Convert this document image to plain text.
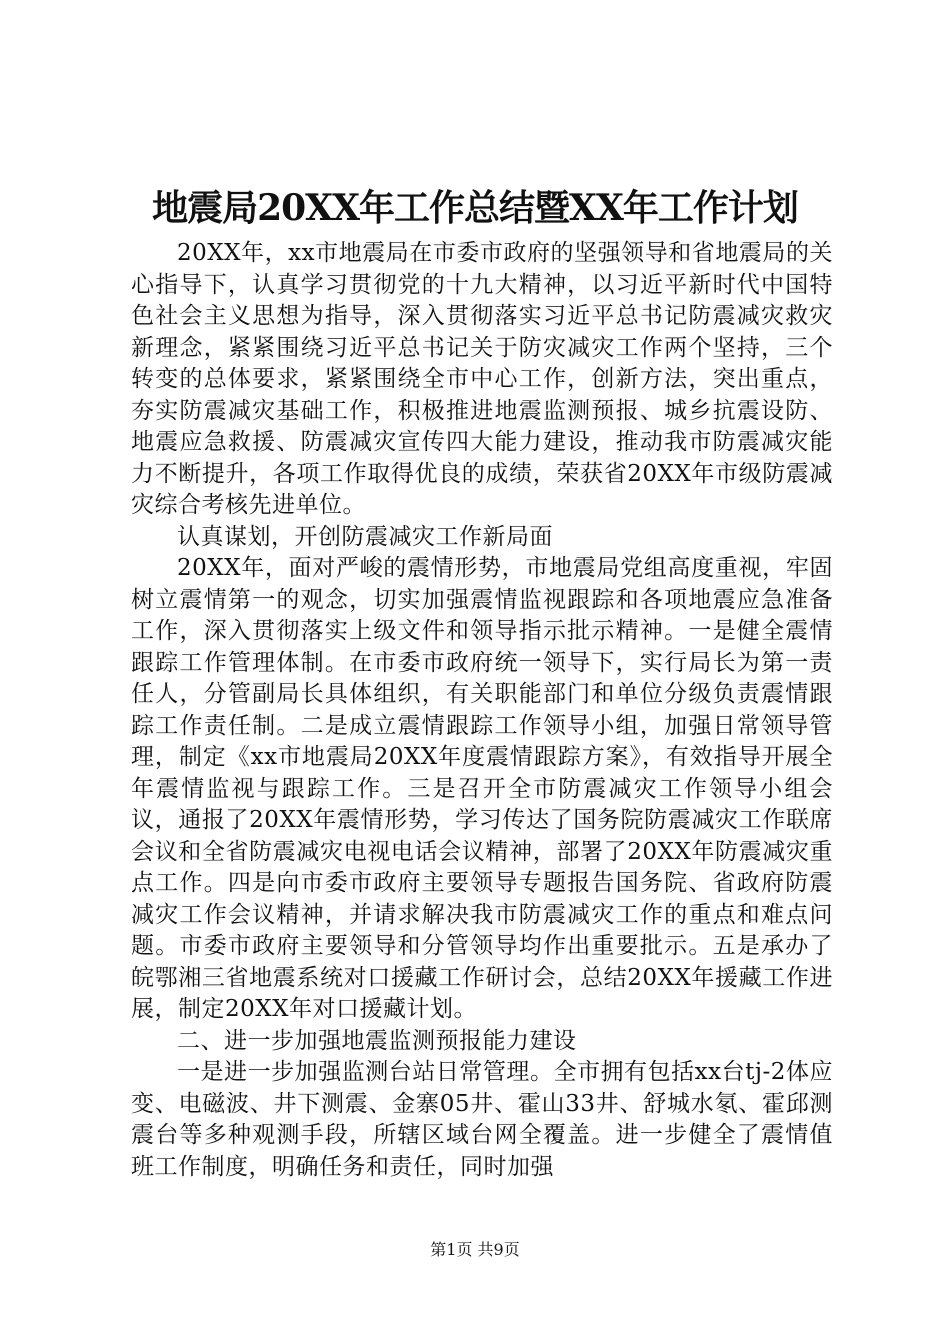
地震局20XX年工作总结暨XX年工作计划

20XX年，xx市地震局在市委市政府的坚强领导和省地震局的关心指导下，认真学习贯彻党的十九大精神，以习近平新时代中国特色社会主义思想为指导，深入贯彻落实习近平总书记防震减灾救灾新理念，紧紧围绕习近平总书记关于防灾减灾工作两个坚持，三个转变的总体要求，紧紧围绕全市中心工作，创新方法，突出重点，夯实防震减灾基础工作，积极推进地震监测预报、城乡抗震设防、地震应急救援、防震减灾宣传四大能力建设，推动我市防震减灾能力不断提升，各项工作取得优良的成绩，荣获省20XX年市级防震减灾综合考核先进单位。

认真谋划，开创防震减灾工作新局面

20XX年，面对严峻的震情形势，市地震局党组高度重视，牢固树立震情第一的观念，切实加强震情监视跟踪和各项地震应急准备工作，深入贯彻落实上级文件和领导指示批示精神。一是健全震情跟踪工作管理体制。在市委市政府统一领导下，实行局长为第一责任人，分管副局长具体组织，有关职能部门和单位分级负责震情跟踪工作责任制。二是成立震情跟踪工作领导小组，加强日常领导管理，制定《xx市地震局20XX年度震情跟踪方案》，有效指导开展全年震情监视与跟踪工作。三是召开全市防震减灾工作领导小组会议，通报了20XX年震情形势，学习传达了国务院防震减灾工作联席会议和全省防震减灾电视电话会议精神，部署了20XX年防震减灾重点工作。四是向市委市政府主要领导专题报告国务院、省政府防震减灾工作会议精神，并请求解决我市防震减灾工作的重点和难点问题。市委市政府主要领导和分管领导均作出重要批示。五是承办了皖鄂湘三省地震系统对口援藏工作研讨会，总结20XX年援藏工作进展，制定20XX年对口援藏计划。

二、进一步加强地震监测预报能力建设

一是进一步加强监测台站日常管理。全市拥有包括xx台tj-2体应变、电磁波、井下测震、金寨05井、霍山33井、舒城水氡、霍邱测震台等多种观测手段，所辖区域台网全覆盖。进一步健全了震情值班工作制度，明确任务和责任，同时加强

第1页 共9页
